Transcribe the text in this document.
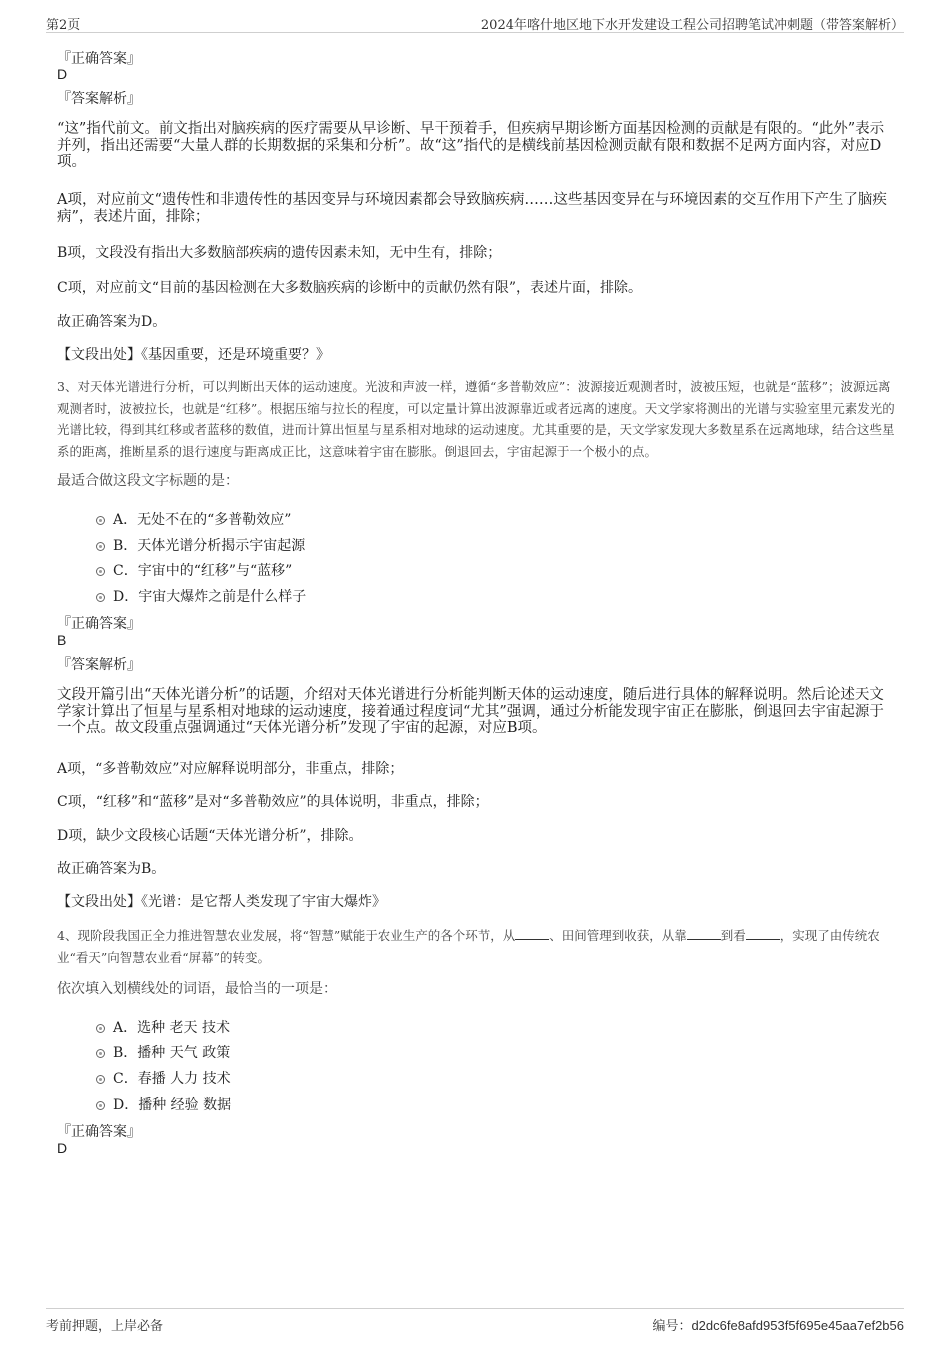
第2页	2024年喀什地区地下水开发建设工程公司招聘笔试冲刺题（带答案解析）
『正确答案』
D
『答案解析』
“这”指代前文。前文指出对脑疾病的医疗需要从早诊断、早干预着手，但疾病早期诊断方面基因检测的贡献是有限的。“此外”表示并列，指出还需要“大量人群的长期数据的采集和分析”。故“这”指代的是横线前基因检测贡献有限和数据不足两方面内容，对应D项。
A项，对应前文“遗传性和非遗传性的基因变异与环境因素都会导致脑疾病……这些基因变异在与环境因素的交互作用下产生了脑疾病”，表述片面，排除；
B项，文段没有指出大多数脑部疾病的遗传因素未知，无中生有，排除；
C项，对应前文“目前的基因检测在大多数脑疾病的诊断中的贡献仍然有限”，表述片面，排除。
故正确答案为D。
【文段出处】《基因重要，还是环境重要？》
3、对天体光谱进行分析，可以判断出天体的运动速度。光波和声波一样，遵循“多普勒效应”：波源接近观测者时，波被压短，也就是“蓝移”；波源远离观测者时，波被拉长，也就是“红移”。根据压缩与拉长的程度，可以定量计算出波源靠近或者远离的速度。天文学家将测出的光谱与实验室里元素发光的光谱比较，得到其红移或者蓝移的数值，进而计算出恒星与星系相对地球的运动速度。尤其重要的是，天文学家发现大多数星系在远离地球，结合这些星系的距离，推断星系的退行速度与距离成正比，这意味着宇宙在膨胀。倒退回去，宇宙起源于一个极小的点。
最适合做这段文字标题的是：
A．无处不在的“多普勒效应”
B．天体光谱分析揭示宇宙起源
C．宇宙中的“红移”与“蓝移”
D．宇宙大爆炸之前是什么样子
『正确答案』
B
『答案解析』
文段开篇引出“天体光谱分析”的话题，介绍对天体光谱进行分析能判断天体的运动速度，随后进行具体的解释说明。然后论述天文学家计算出了恒星与星系相对地球的运动速度，接着通过程度词“尤其”强调，通过分析能发现宇宙正在膨胀，倒退回去宇宙起源于一个点。故文段重点强调通过“天体光谱分析”发现了宇宙的起源，对应B项。
A项，“多普勒效应”对应解释说明部分，非重点，排除；
C项，“红移”和“蓝移”是对“多普勒效应”的具体说明，非重点，排除；
D项，缺少文段核心话题“天体光谱分析”，排除。
故正确答案为B。
【文段出处】《光谱：是它帮人类发现了宇宙大爆炸》
4、现阶段我国正全力推进智慧农业发展，将“智慧”赋能于农业生产的各个环节，从	、田间管理到收获，从靠	到看	，实现了由传统农业“看天”向智慧农业看“屏幕”的转变。
依次填入划横线处的词语，最恰当的一项是：
A．选种 老天 技术
B．播种 天气 政策
C．春播 人力 技术
D．播种 经验 数据
『正确答案』
D
考前押题，上岸必备	编号：d2dc6fe8afd953f5f695e45aa7ef2b56
